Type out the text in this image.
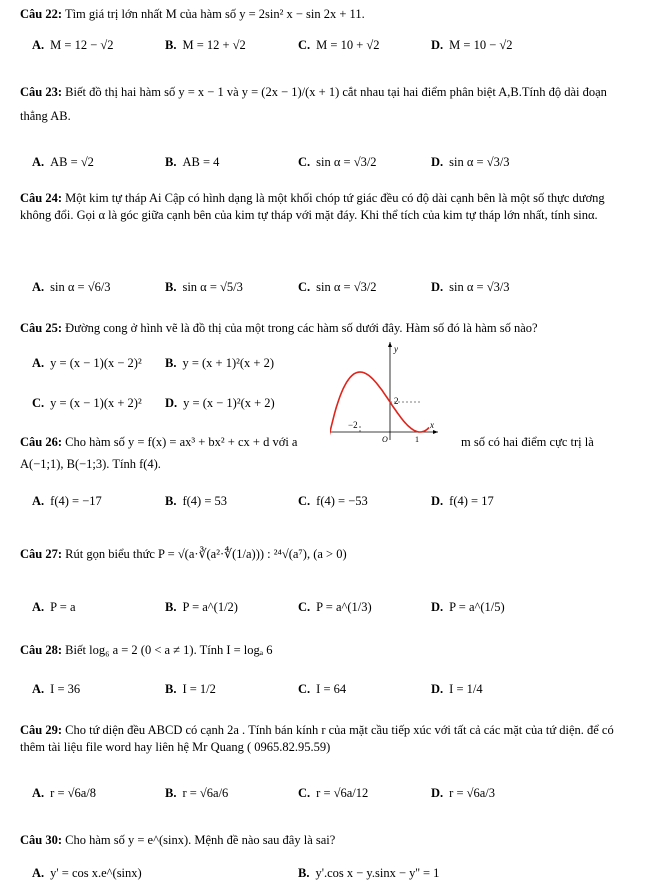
Câu 22: Tìm giá trị lớn nhất M của hàm số y = 2sin² x − sin 2x + 11.
A. M = 12 − √2	B. M = 12 + √2	C. M = 10 + √2	D. M = 10 − √2
Câu 23: Biết đồ thị hai hàm số y = x − 1 và y = (2x − 1)/(x + 1) cắt nhau tại hai điểm phân biệt A,B.Tính độ dài đoạn thẳng AB.
A. AB = √2	B. AB = 4	C. sin α = √3/2	D. sin α = √3/3
Câu 24: Một kim tự tháp Ai Cập có hình dạng là một khối chóp tứ giác đều có độ dài cạnh bên là một số thực dương không đổi. Gọi α là góc giữa cạnh bên của kim tự tháp với mặt đáy. Khi thể tích của kim tự tháp lớn nhất, tính sinα.
A. sin α = √6/3	B. sin α = √5/3	C. sin α = √3/2	D. sin α = √3/3
Câu 25: Đường cong ở hình vẽ là đồ thị của một trong các hàm số dưới đây. Hàm số đó là hàm số nào?
A. y = (x − 1)(x − 2)² B. y = (x + 1)²(x + 2)
C. y = (x − 1)(x + 2)² D. y = (x − 1)²(x + 2)
y
x
2
−2
O	1
Câu 26: Cho hàm số y = f(x) = ax³ + bx² + cx + d với a	m số có hai điểm cực trị là
A(−1;1), B(−1;3). Tính f(4).
A. f(4) = −17	B. f(4) = 53	C. f(4) = −53	D. f(4) = 17
Câu 27: Rút gọn biểu thức P = √(a·∛(a²·∜(1/a))) : ²⁴√(a⁷), (a > 0)
A. P = a	B. P = a^(1/2)	C. P = a^(1/3)	D. P = a^(1/5)
Câu 28: Biết log₆ a = 2 (0 < a ≠ 1). Tính I = logₐ 6
A. I = 36	B. I = 1/2	C. I = 64	D. I = 1/4
Câu 29: Cho tứ diện đều ABCD có cạnh 2a . Tính bán kính r của mặt cầu tiếp xúc với tất cả các mặt của tứ diện. để có thêm tài liệu file word hay liên hệ Mr Quang ( 0965.82.95.59)
A. r = √6a/8	B. r = √6a/6	C. r = √6a/12	D. r = √6a/3
Câu 30: Cho hàm số y = e^(sinx). Mệnh đề nào sau đây là sai?
A. y' = cos x.e^(sinx)	B. y'.cos x − y.sinx − y'' = 1
